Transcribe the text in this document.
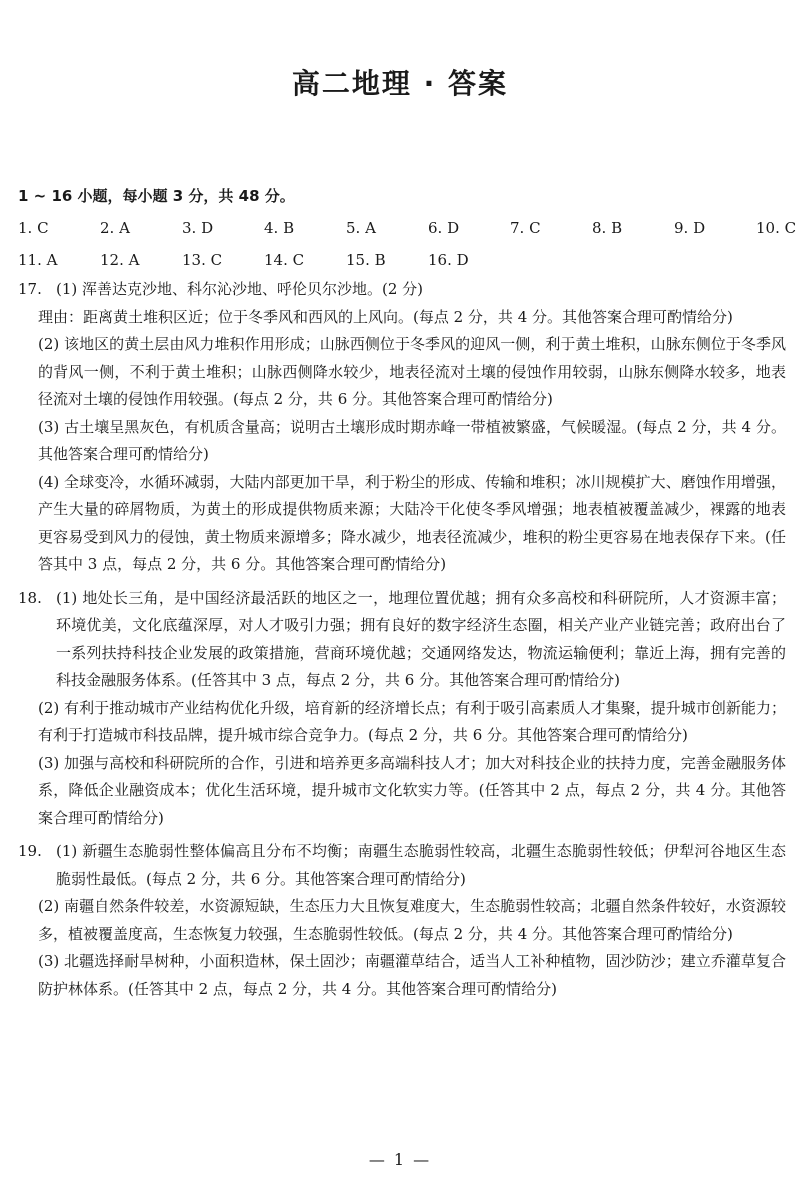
高二地理 · 答案
1 ~ 16 小题，每小题 3 分，共 48 分。
1. C	2. A	3. D	4. B	5. A	6. D	7. C	8. B	9. D	10. C
11. A	12. A	13. C	14. C	15. B	16. D
17. (1) 浑善达克沙地、科尔沁沙地、呼伦贝尔沙地。(2 分)

理由：距离黄土堆积区近；位于冬季风和西风的上风向。(每点 2 分，共 4 分。其他答案合理可酌情给分)

(2) 该地区的黄土层由风力堆积作用形成；山脉西侧位于冬季风的迎风一侧，利于黄土堆积，山脉东侧位于冬季风的背风一侧，不利于黄土堆积；山脉西侧降水较少，地表径流对土壤的侵蚀作用较弱，山脉东侧降水较多，地表径流对土壤的侵蚀作用较强。(每点 2 分，共 6 分。其他答案合理可酌情给分)

(3) 古土壤呈黑灰色，有机质含量高；说明古土壤形成时期赤峰一带植被繁盛，气候暖湿。(每点 2 分，共 4 分。其他答案合理可酌情给分)

(4) 全球变冷，水循环减弱，大陆内部更加干旱，利于粉尘的形成、传输和堆积；冰川规模扩大、磨蚀作用增强，产生大量的碎屑物质，为黄土的形成提供物质来源；大陆冷干化使冬季风增强；地表植被覆盖减少，裸露的地表更容易受到风力的侵蚀，黄土物质来源增多；降水减少，地表径流减少，堆积的粉尘更容易在地表保存下来。(任答其中 3 点，每点 2 分，共 6 分。其他答案合理可酌情给分)

18. (1) 地处长三角，是中国经济最活跃的地区之一，地理位置优越；拥有众多高校和科研院所，人才资源丰富；环境优美，文化底蕴深厚，对人才吸引力强；拥有良好的数字经济生态圈，相关产业产业链完善；政府出台了一系列扶持科技企业发展的政策措施，营商环境优越；交通网络发达，物流运输便利；靠近上海，拥有完善的科技金融服务体系。(任答其中 3 点，每点 2 分，共 6 分。其他答案合理可酌情给分)

(2) 有利于推动城市产业结构优化升级，培育新的经济增长点；有利于吸引高素质人才集聚，提升城市创新能力；有利于打造城市科技品牌，提升城市综合竞争力。(每点 2 分，共 6 分。其他答案合理可酌情给分)

(3) 加强与高校和科研院所的合作，引进和培养更多高端科技人才；加大对科技企业的扶持力度，完善金融服务体系，降低企业融资成本；优化生活环境，提升城市文化软实力等。(任答其中 2 点，每点 2 分，共 4 分。其他答案合理可酌情给分)

19. (1) 新疆生态脆弱性整体偏高且分布不均衡；南疆生态脆弱性较高，北疆生态脆弱性较低；伊犁河谷地区生态脆弱性最低。(每点 2 分，共 6 分。其他答案合理可酌情给分)

(2) 南疆自然条件较差，水资源短缺，生态压力大且恢复难度大，生态脆弱性较高；北疆自然条件较好，水资源较多，植被覆盖度高，生态恢复力较强，生态脆弱性较低。(每点 2 分，共 4 分。其他答案合理可酌情给分)

(3) 北疆选择耐旱树种，小面积造林，保土固沙；南疆灌草结合，适当人工补种植物，固沙防沙；建立乔灌草复合防护林体系。(任答其中 2 点，每点 2 分，共 4 分。其他答案合理可酌情给分)

— 1 —
